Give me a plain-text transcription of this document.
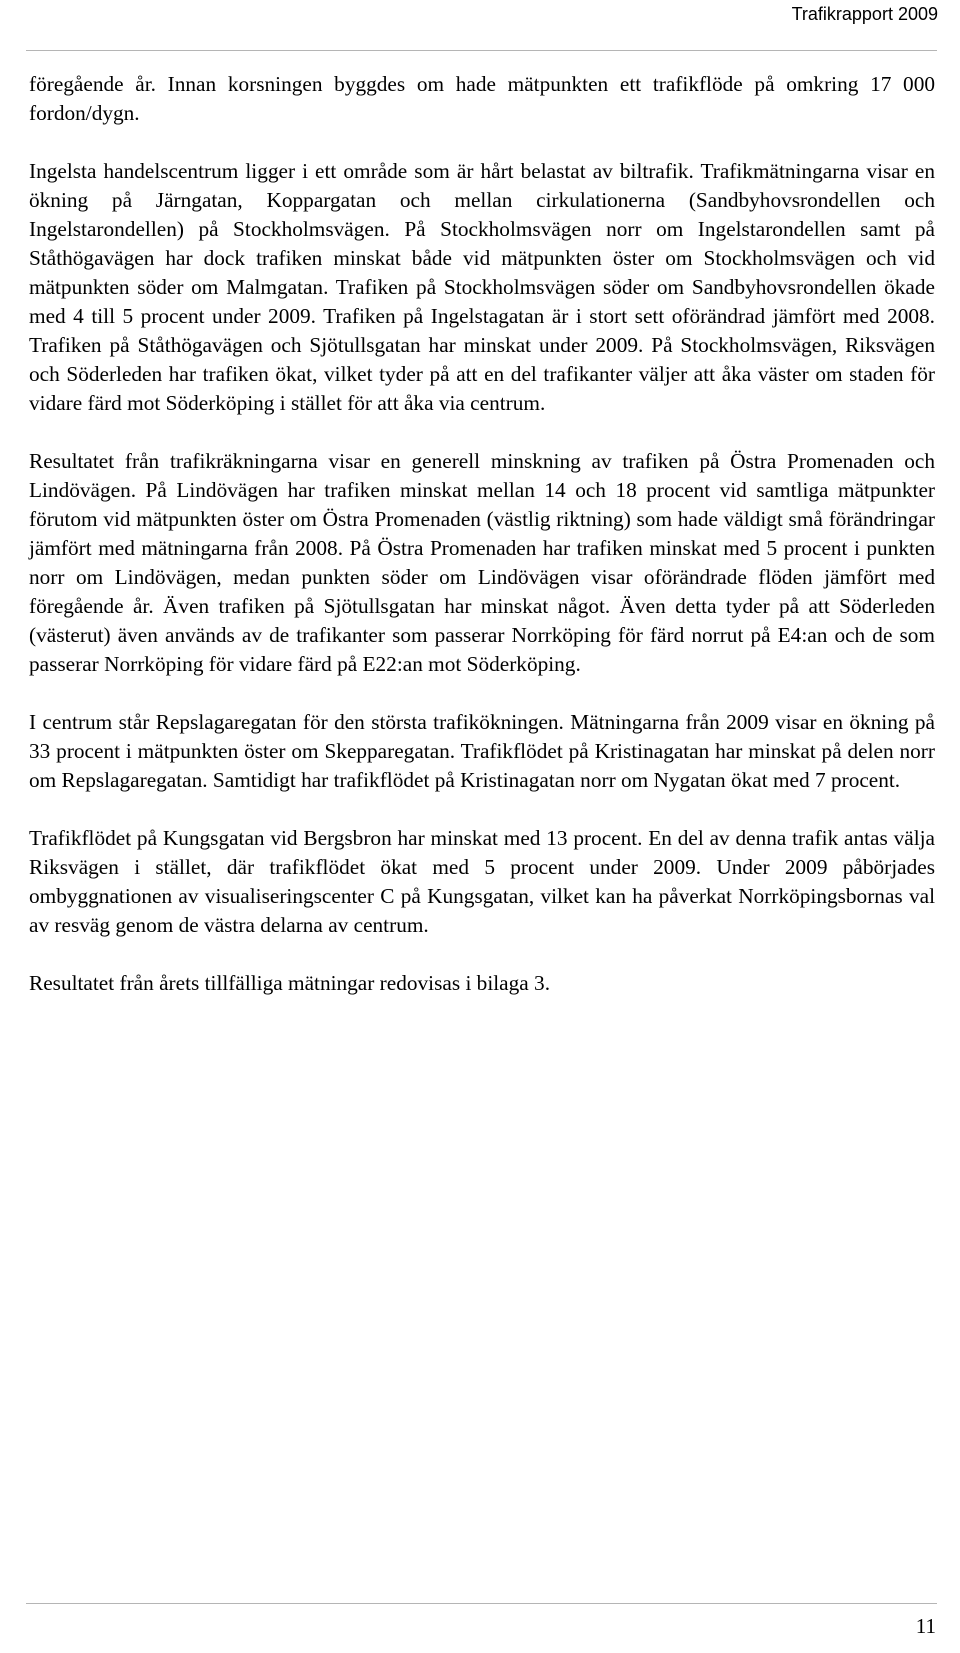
Trafikrapport 2009

föregående år. Innan korsningen byggdes om hade mätpunkten ett trafikflöde på omkring 17 000 fordon/dygn.

Ingelsta handelscentrum ligger i ett område som är hårt belastat av biltrafik. Trafikmätningarna visar en ökning på Järngatan, Koppargatan och mellan cirkulationerna (Sandbyhovsrondellen och Ingelstarondellen) på Stockholmsvägen. På Stockholmsvägen norr om Ingelstarondellen samt på Ståthögavägen har dock trafiken minskat både vid mätpunkten öster om Stockholmsvägen och vid mätpunkten söder om Malmgatan. Trafiken på Stockholmsvägen söder om Sandbyhovsrondellen ökade med 4 till 5 procent under 2009. Trafiken på Ingelstagatan är i stort sett oförändrad jämfört med 2008. Trafiken på Ståthögavägen och Sjötullsgatan har minskat under 2009. På Stockholmsvägen, Riksvägen och Söderleden har trafiken ökat, vilket tyder på att en del trafikanter väljer att åka väster om staden för vidare färd mot Söderköping i stället för att åka via centrum.

Resultatet från trafikräkningarna visar en generell minskning av trafiken på Östra Promenaden och Lindövägen. På Lindövägen har trafiken minskat mellan 14 och 18 procent vid samtliga mätpunkter förutom vid mätpunkten öster om Östra Promenaden (västlig riktning) som hade väldigt små förändringar jämfört med mätningarna från 2008. På Östra Promenaden har trafiken minskat med 5 procent i punkten norr om Lindövägen, medan punkten söder om Lindövägen visar oförändrade flöden jämfört med föregående år. Även trafiken på Sjötullsgatan har minskat något. Även detta tyder på att Söderleden (västerut) även används av de trafikanter som passerar Norrköping för färd norrut på E4:an och de som passerar Norrköping för vidare färd på E22:an mot Söderköping.

I centrum står Repslagaregatan för den största trafikökningen. Mätningarna från 2009 visar en ökning på 33 procent i mätpunkten öster om Skepparegatan. Trafikflödet på Kristinagatan har minskat på delen norr om Repslagaregatan. Samtidigt har trafikflödet på Kristinagatan norr om Nygatan ökat med 7 procent.

Trafikflödet på Kungsgatan vid Bergsbron har minskat med 13 procent. En del av denna trafik antas välja Riksvägen i stället, där trafikflödet ökat med 5 procent under 2009. Under 2009 påbörjades ombyggnationen av visualiseringscenter C på Kungsgatan, vilket kan ha påverkat Norrköpingsbornas val av resväg genom de västra delarna av centrum.

Resultatet från årets tillfälliga mätningar redovisas i bilaga 3.

11
